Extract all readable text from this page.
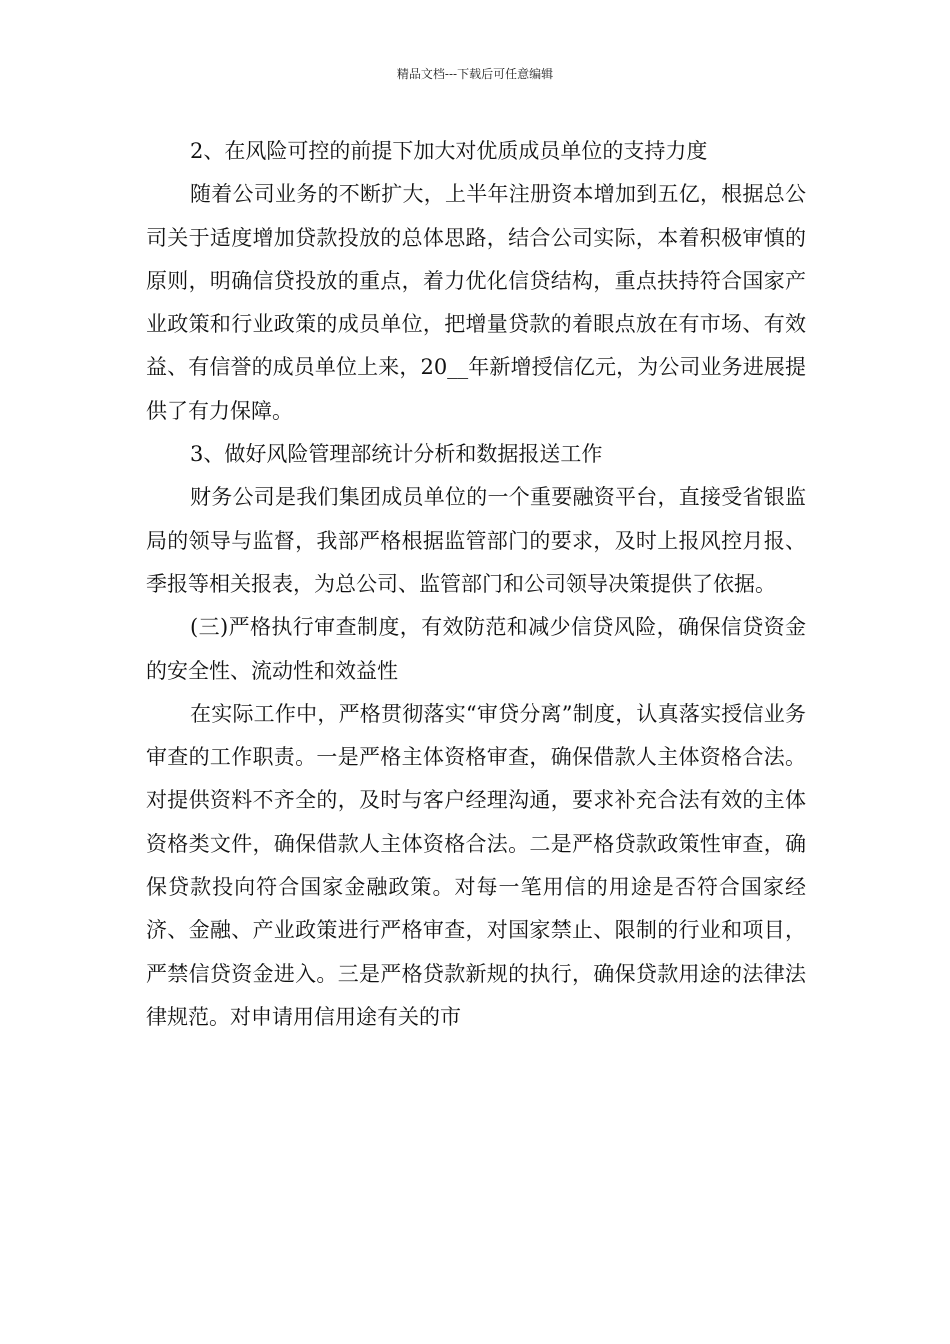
精品文档---下载后可任意编辑

2、在风险可控的前提下加大对优质成员单位的支持力度

随着公司业务的不断扩大，上半年注册资本增加到五亿，根据总公司关于适度增加贷款投放的总体思路，结合公司实际，本着积极审慎的原则，明确信贷投放的重点，着力优化信贷结构，重点扶持符合国家产业政策和行业政策的成员单位，把增量贷款的着眼点放在有市场、有效益、有信誉的成员单位上来，20__年新增授信亿元，为公司业务进展提供了有力保障。

3、做好风险管理部统计分析和数据报送工作

财务公司是我们集团成员单位的一个重要融资平台，直接受省银监局的领导与监督，我部严格根据监管部门的要求，及时上报风控月报、季报等相关报表，为总公司、监管部门和公司领导决策提供了依据。

(三)严格执行审查制度，有效防范和减少信贷风险，确保信贷资金的安全性、流动性和效益性

在实际工作中，严格贯彻落实“审贷分离”制度，认真落实授信业务审查的工作职责。一是严格主体资格审查，确保借款人主体资格合法。对提供资料不齐全的，及时与客户经理沟通，要求补充合法有效的主体资格类文件，确保借款人主体资格合法。二是严格贷款政策性审查，确保贷款投向符合国家金融政策。对每一笔用信的用途是否符合国家经济、金融、产业政策进行严格审查，对国家禁止、限制的行业和项目，严禁信贷资金进入。三是严格贷款新规的执行，确保贷款用途的法律法律规范。对申请用信用途有关的市
